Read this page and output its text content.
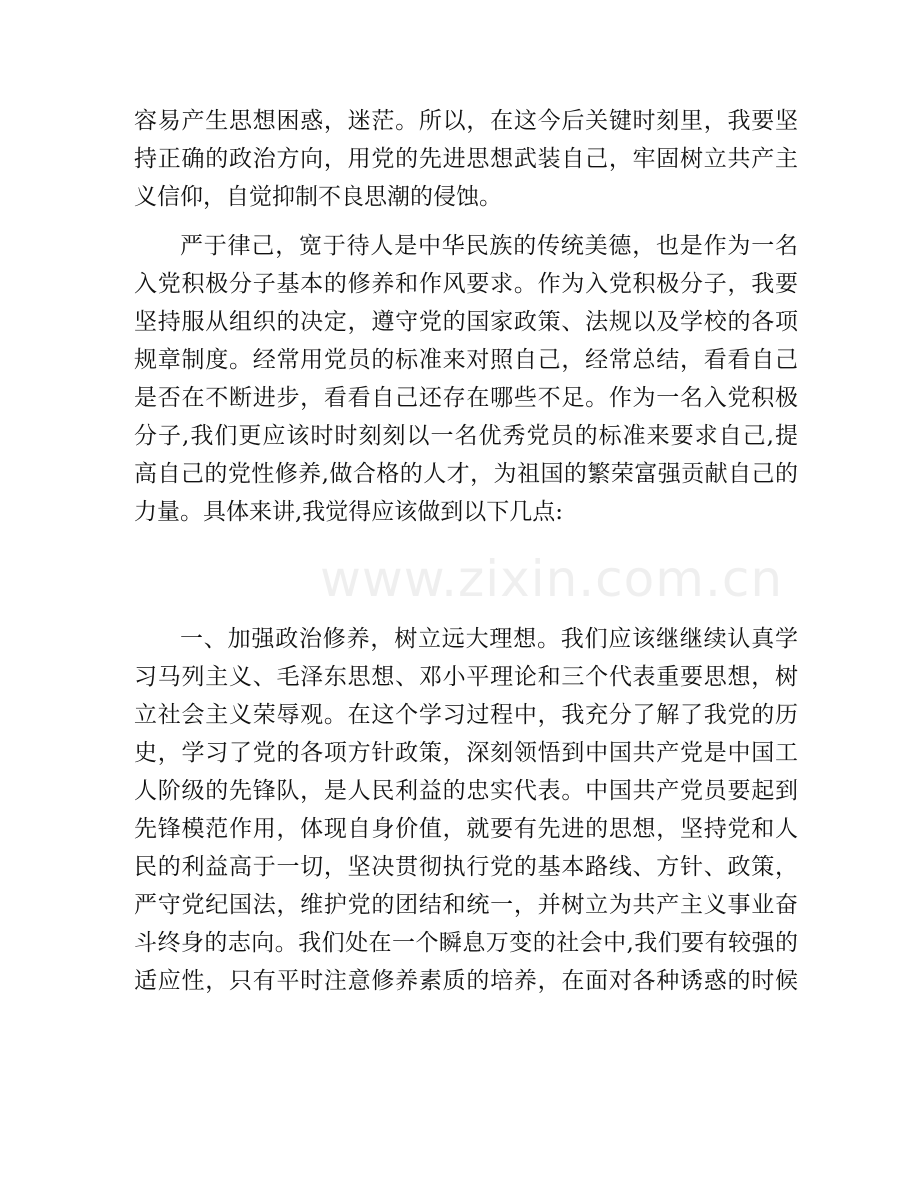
容易产生思想困惑，迷茫。所以，在这今后关键时刻里，我要坚
持正确的政治方向，用党的先进思想武装自己，牢固树立共产主
义信仰，自觉抑制不良思潮的侵蚀。
严于律己，宽于待人是中华民族的传统美德，也是作为一名
入党积极分子基本的修养和作风要求。作为入党积极分子，我要
坚持服从组织的决定，遵守党的国家政策、法规以及学校的各项
规章制度。经常用党员的标准来对照自己，经常总结，看看自己
是否在不断进步，看看自己还存在哪些不足。作为一名入党积极
分子,我们更应该时时刻刻以一名优秀党员的标准来要求自己,提
高自己的党性修养,做合格的人才，为祖国的繁荣富强贡献自己的
力量。具体来讲,我觉得应该做到以下几点:
一、加强政治修养，树立远大理想。我们应该继继续认真学
习马列主义、毛泽东思想、邓小平理论和三个代表重要思想，树
立社会主义荣辱观。在这个学习过程中，我充分了解了我党的历
史，学习了党的各项方针政策，深刻领悟到中国共产党是中国工
人阶级的先锋队，是人民利益的忠实代表。中国共产党员要起到
先锋模范作用，体现自身价值，就要有先进的思想，坚持党和人
民的利益高于一切，坚决贯彻执行党的基本路线、方针、政策，
严守党纪国法，维护党的团结和统一，并树立为共产主义事业奋
斗终身的志向。我们处在一个瞬息万变的社会中,我们要有较强的
适应性，只有平时注意修养素质的培养，在面对各种诱惑的时候
www.zixin.com.cn
